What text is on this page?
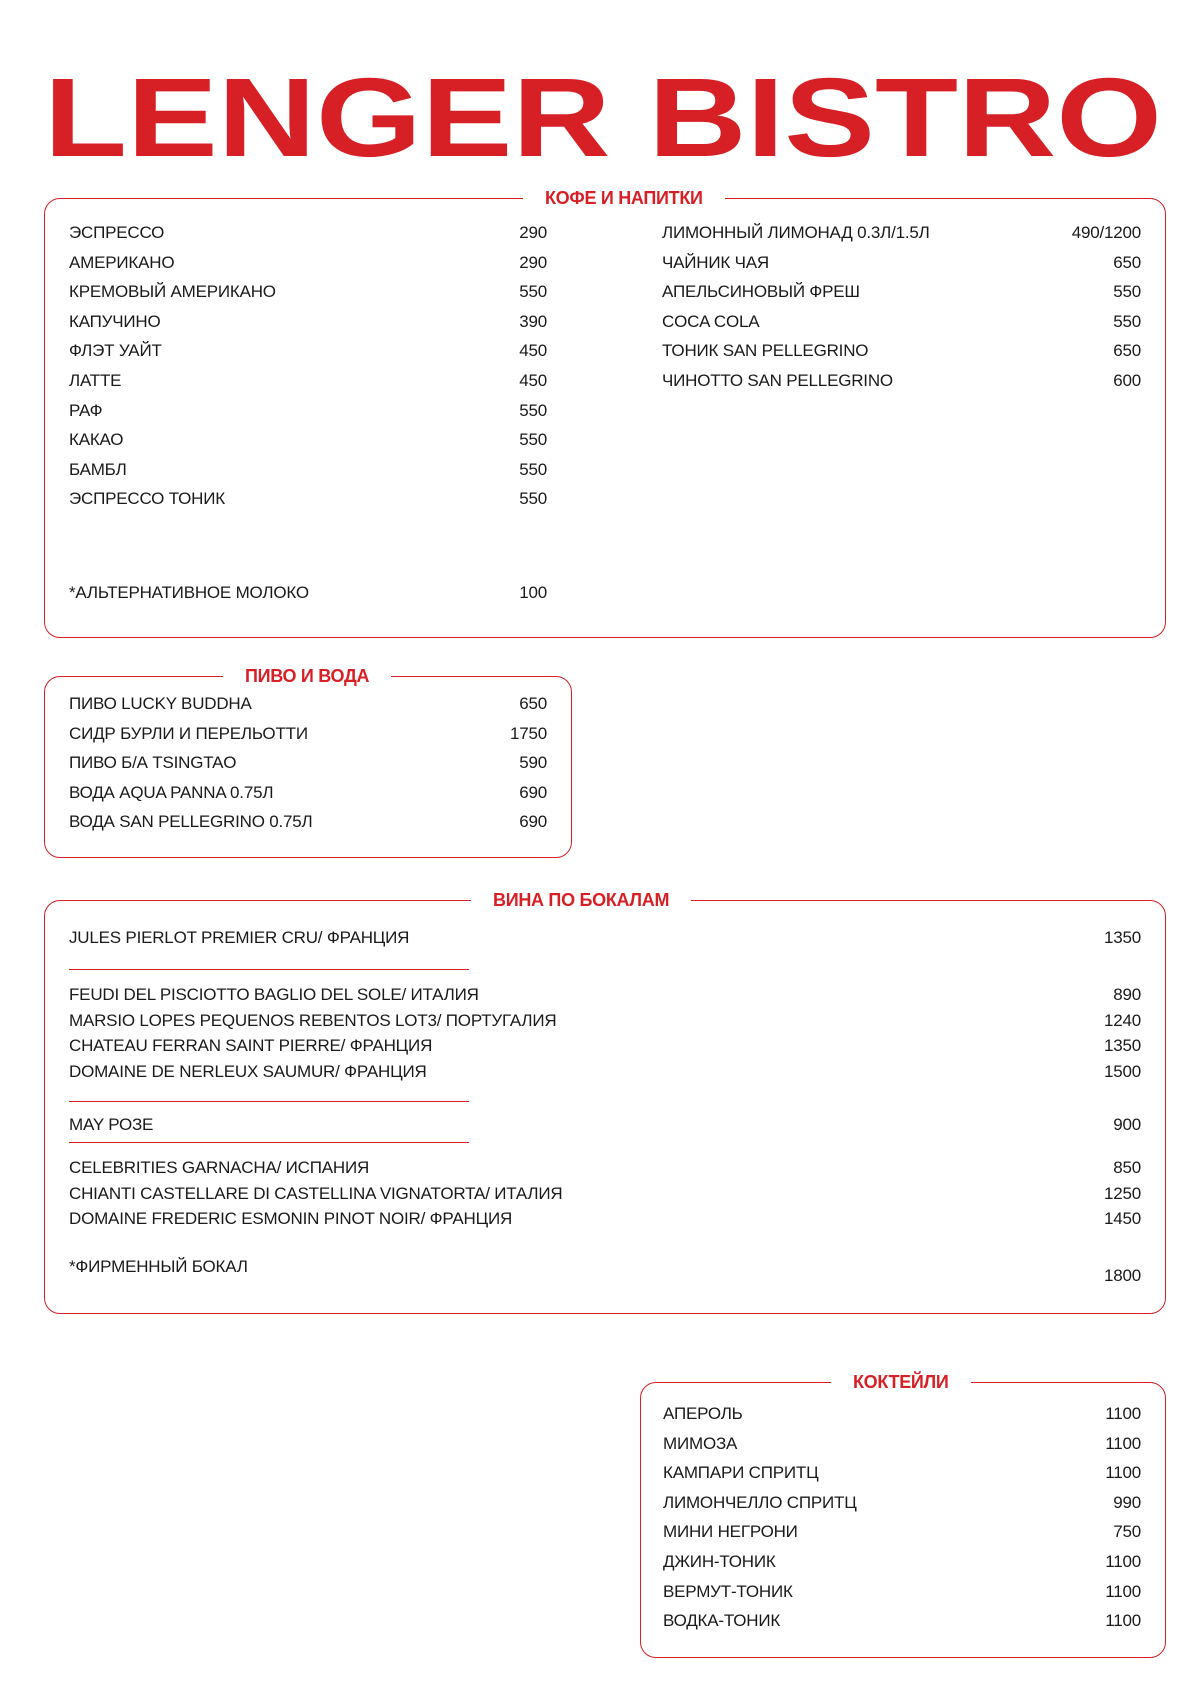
LENGER BISTRO
КОФЕ И НАПИТКИ
ЭСПРЕССО	290
АМЕРИКАНО	290
КРЕМОВЫЙ АМЕРИКАНО	550
КАПУЧИНО	390
ФЛЭТ УАЙТ	450
ЛАТТЕ	450
РАФ	550
КАКАО	550
БАМБЛ	550
ЭСПРЕССО ТОНИК	550
*АЛЬТЕРНАТИВНОЕ МОЛОКО	100
ЛИМОННЫЙ ЛИМОНАД 0.3Л/1.5Л	490/1200
ЧАЙНИК ЧАЯ	650
АПЕЛЬСИНОВЫЙ ФРЕШ	550
COCA COLA	550
ТОНИК SAN PELLEGRINO	650
ЧИНОТТО SAN PELLEGRINO	600
ПИВО И ВОДА
ПИВО LUCKY BUDDHA	650
СИДР БУРЛИ И ПЕРЕЛЬОТТИ	1750
ПИВО Б/А TSINGTAO	590
ВОДА AQUA PANNA 0.75Л	690
ВОДА SAN PELLEGRINO 0.75Л	690
ВИНА ПО БОКАЛАМ
JULES PIERLOT PREMIER CRU/ ФРАНЦИЯ	1350
FEUDI DEL PISCIOTTO BAGLIO DEL SOLE/ ИТАЛИЯ	890
MARSIO LOPES PEQUENOS REBENTOS LOT3/ ПОРТУГАЛИЯ	1240
CHATEAU FERRAN SAINT PIERRE/ ФРАНЦИЯ	1350
DOMAINE DE NERLEUX SAUMUR/ ФРАНЦИЯ	1500
MAY РОЗЕ	900
CELEBRITIES GARNACHA/ ИСПАНИЯ	850
CHIANTI CASTELLARE DI CASTELLINA VIGNATORTA/ ИТАЛИЯ	1250
DOMAINE FREDERIC ESMONIN PINOT NOIR/ ФРАНЦИЯ	1450
*ФИРМЕННЫЙ БОКАЛ	1800
КОКТЕЙЛИ
АПЕРОЛЬ	1100
МИМОЗА	1100
КАМПАРИ СПРИТЦ	1100
ЛИМОНЧЕЛЛО СПРИТЦ	990
МИНИ НЕГРОНИ	750
ДЖИН-ТОНИК	1100
ВЕРМУТ-ТОНИК	1100
ВОДКА-ТОНИК	1100
